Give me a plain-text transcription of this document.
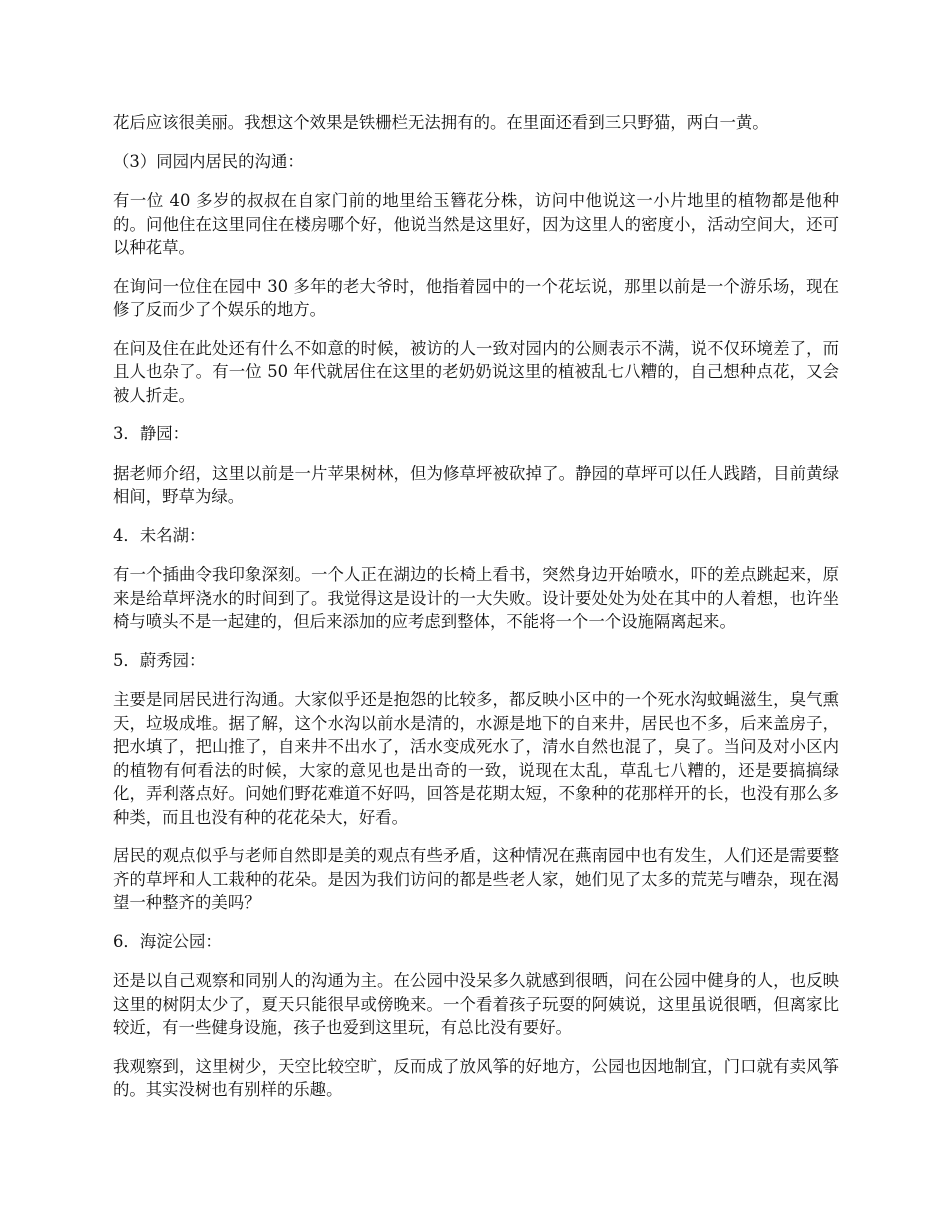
花后应该很美丽。我想这个效果是铁栅栏无法拥有的。在里面还看到三只野猫，两白一黄。

（3）同园内居民的沟通：

有一位 40 多岁的叔叔在自家门前的地里给玉簪花分株，访问中他说这一小片地里的植物都是他种的。问他住在这里同住在楼房哪个好，他说当然是这里好，因为这里人的密度小，活动空间大，还可以种花草。

在询问一位住在园中 30 多年的老大爷时，他指着园中的一个花坛说，那里以前是一个游乐场，现在修了反而少了个娱乐的地方。

在问及住在此处还有什么不如意的时候，被访的人一致对园内的公厕表示不满，说不仅环境差了，而且人也杂了。有一位 50 年代就居住在这里的老奶奶说这里的植被乱七八糟的，自己想种点花，又会被人折走。

3．静园：

据老师介绍，这里以前是一片苹果树林，但为修草坪被砍掉了。静园的草坪可以任人践踏，目前黄绿相间，野草为绿。

4．未名湖：

有一个插曲令我印象深刻。一个人正在湖边的长椅上看书，突然身边开始喷水，吓的差点跳起来，原来是给草坪浇水的时间到了。我觉得这是设计的一大失败。设计要处处为处在其中的人着想，也许坐椅与喷头不是一起建的，但后来添加的应考虑到整体，不能将一个一个设施隔离起来。

5．蔚秀园：

主要是同居民进行沟通。大家似乎还是抱怨的比较多，都反映小区中的一个死水沟蚊蝇滋生，臭气熏天，垃圾成堆。据了解，这个水沟以前水是清的，水源是地下的自来井，居民也不多，后来盖房子，把水填了，把山推了，自来井不出水了，活水变成死水了，清水自然也混了，臭了。当问及对小区内的植物有何看法的时候，大家的意见也是出奇的一致，说现在太乱，草乱七八糟的，还是要搞搞绿化，弄利落点好。问她们野花难道不好吗，回答是花期太短，不象种的花那样开的长，也没有那么多种类，而且也没有种的花花朵大，好看。

居民的观点似乎与老师自然即是美的观点有些矛盾，这种情况在燕南园中也有发生，人们还是需要整齐的草坪和人工栽种的花朵。是因为我们访问的都是些老人家，她们见了太多的荒芜与嘈杂，现在渴望一种整齐的美吗？

6．海淀公园：

还是以自己观察和同别人的沟通为主。在公园中没呆多久就感到很晒，问在公园中健身的人，也反映这里的树阴太少了，夏天只能很早或傍晚来。一个看着孩子玩耍的阿姨说，这里虽说很晒，但离家比较近，有一些健身设施，孩子也爱到这里玩，有总比没有要好。

我观察到，这里树少，天空比较空旷，反而成了放风筝的好地方，公园也因地制宜，门口就有卖风筝的。其实没树也有别样的乐趣。
